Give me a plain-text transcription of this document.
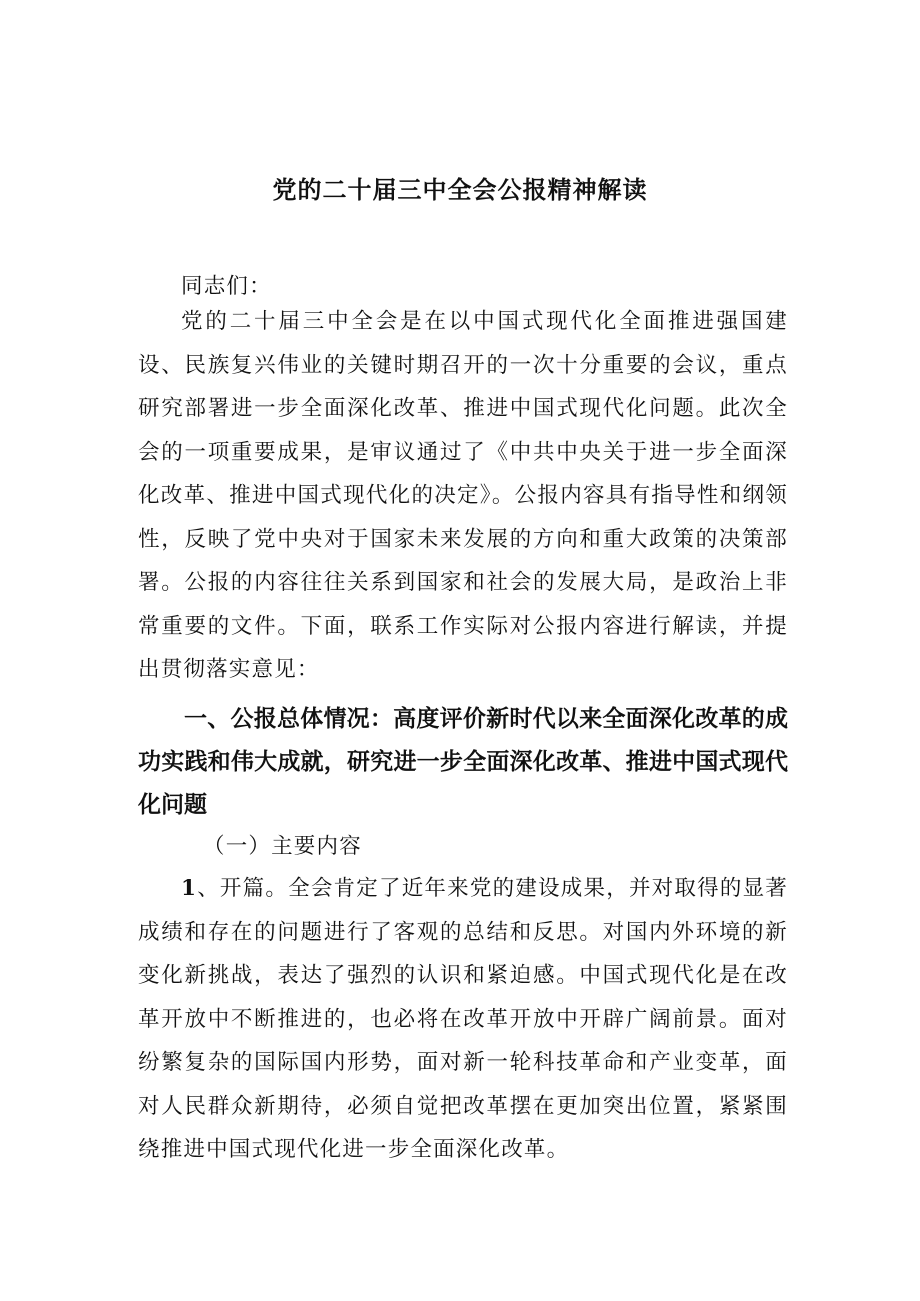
党的二十届三中全会公报精神解读

同志们：

党的二十届三中全会是在以中国式现代化全面推进强国建设、民族复兴伟业的关键时期召开的一次十分重要的会议，重点研究部署进一步全面深化改革、推进中国式现代化问题。此次全会的一项重要成果，是审议通过了《中共中央关于进一步全面深化改革、推进中国式现代化的决定》。公报内容具有指导性和纲领性，反映了党中央对于国家未来发展的方向和重大政策的决策部署。公报的内容往往关系到国家和社会的发展大局，是政治上非常重要的文件。下面，联系工作实际对公报内容进行解读，并提出贯彻落实意见：

一、公报总体情况：高度评价新时代以来全面深化改革的成功实践和伟大成就，研究进一步全面深化改革、推进中国式现代化问题

（一）主要内容

1、开篇。全会肯定了近年来党的建设成果，并对取得的显著成绩和存在的问题进行了客观的总结和反思。对国内外环境的新变化新挑战，表达了强烈的认识和紧迫感。中国式现代化是在改革开放中不断推进的，也必将在改革开放中开辟广阔前景。面对纷繁复杂的国际国内形势，面对新一轮科技革命和产业变革，面对人民群众新期待，必须自觉把改革摆在更加突出位置，紧紧围绕推进中国式现代化进一步全面深化改革。
